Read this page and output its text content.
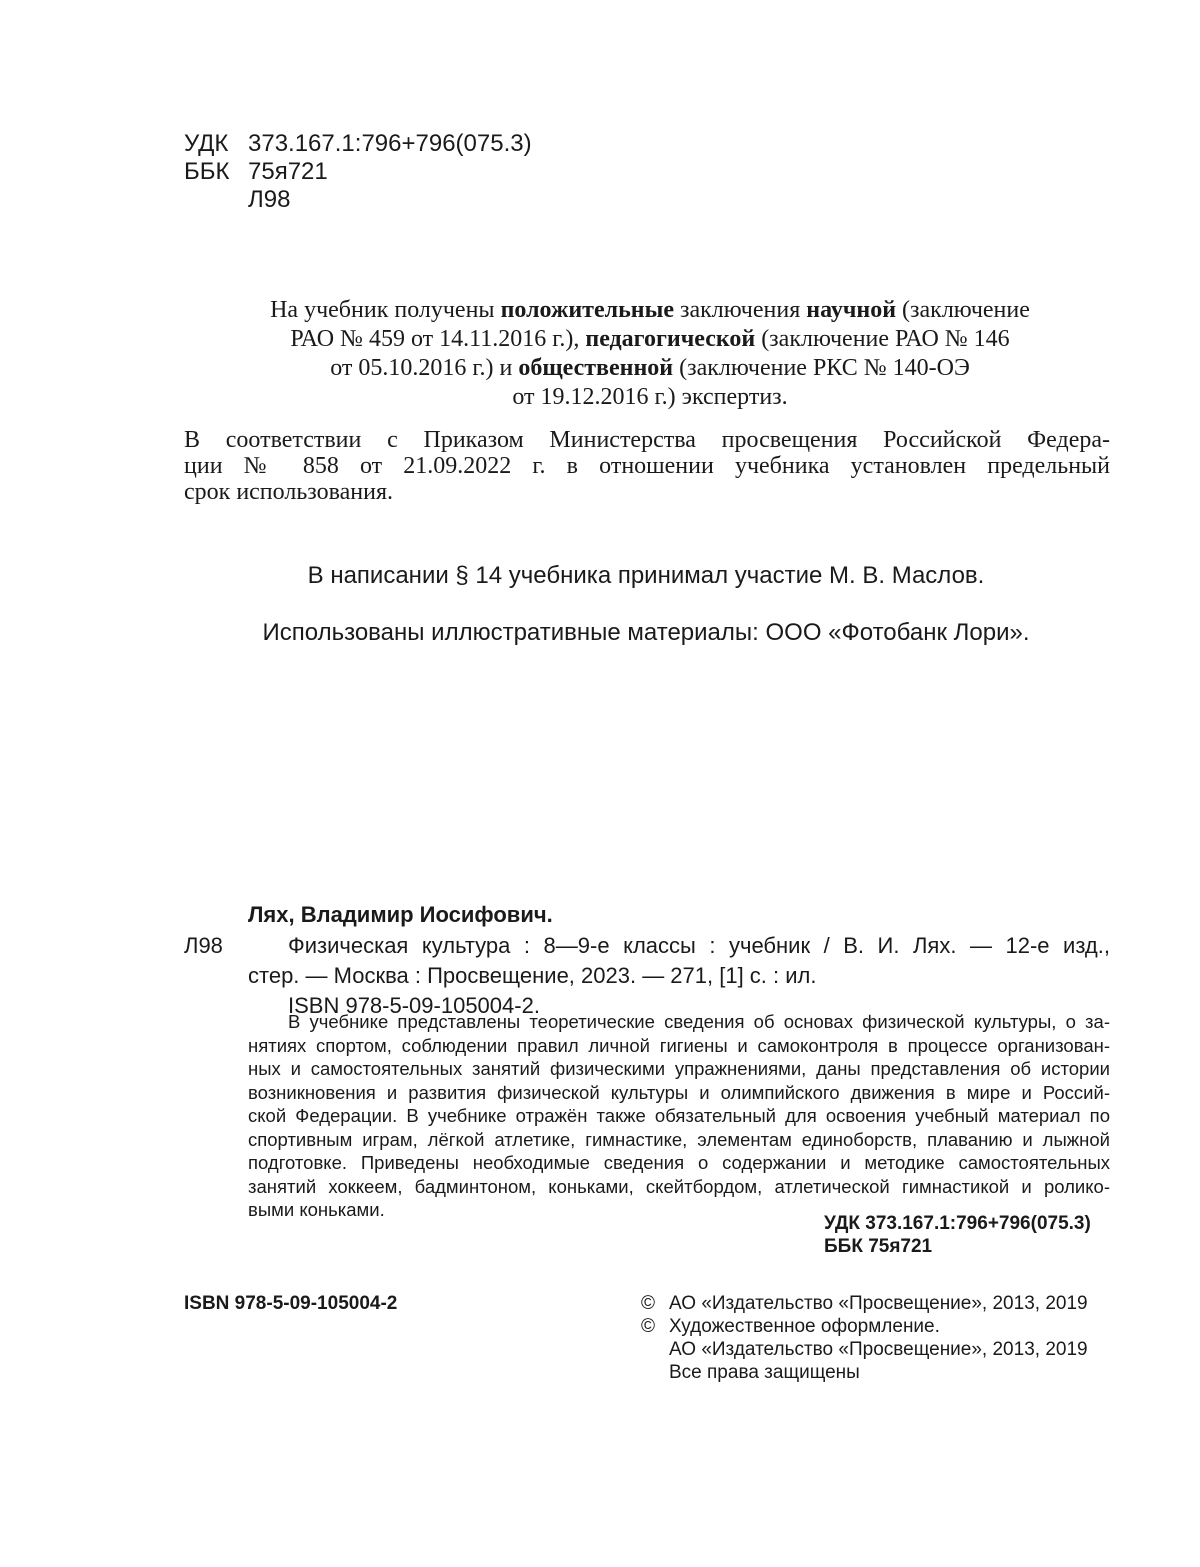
УДК 373.167.1:796+796(075.3)
ББК 75я721
Л98
На учебник получены положительные заключения научной (заключение
РАО № 459 от 14.11.2016 г.), педагогической (заключение РАО № 146
от 05.10.2016 г.) и общественной (заключение РКС № 140-ОЭ
от 19.12.2016 г.) экспертиз.
В соответствии с Приказом Министерства просвещения Российской Федера-
ции № 858 от 21.09.2022 г. в отношении учебника установлен предельный
срок использования.
В написании § 14 учебника принимал участие М. В. Маслов.
Использованы иллюстративные материалы: ООО «Фотобанк Лори».
Лях, Владимир Иосифович.
Л98	Физическая культура : 8—9-е классы : учебник / В. И. Лях. — 12-е изд.,
стер. — Москва : Просвещение, 2023. — 271, [1] с. : ил.
ISBN 978-5-09-105004-2.
В учебнике представлены теоретические сведения об основах физической культуры, о за-
нятиях спортом, соблюдении правил личной гигиены и самоконтроля в процессе организован-
ных и самостоятельных занятий физическими упражнениями, даны представления об истории
возникновения и развития физической культуры и олимпийского движения в мире и Россий-
ской Федерации. В учебнике отражён также обязательный для освоения учебный материал по
спортивным играм, лёгкой атлетике, гимнастике, элементам единоборств, плаванию и лыжной
подготовке. Приведены необходимые сведения о содержании и методике самостоятельных
занятий хоккеем, бадминтоном, коньками, скейтбордом, атлетической гимнастикой и ролико-
выми коньками.
УДК 373.167.1:796+796(075.3)
ББК 75я721
ISBN 978-5-09-105004-2	© АО «Издательство «Просвещение», 2013, 2019
© Художественное оформление.
АО «Издательство «Просвещение», 2013, 2019
Все права защищены
